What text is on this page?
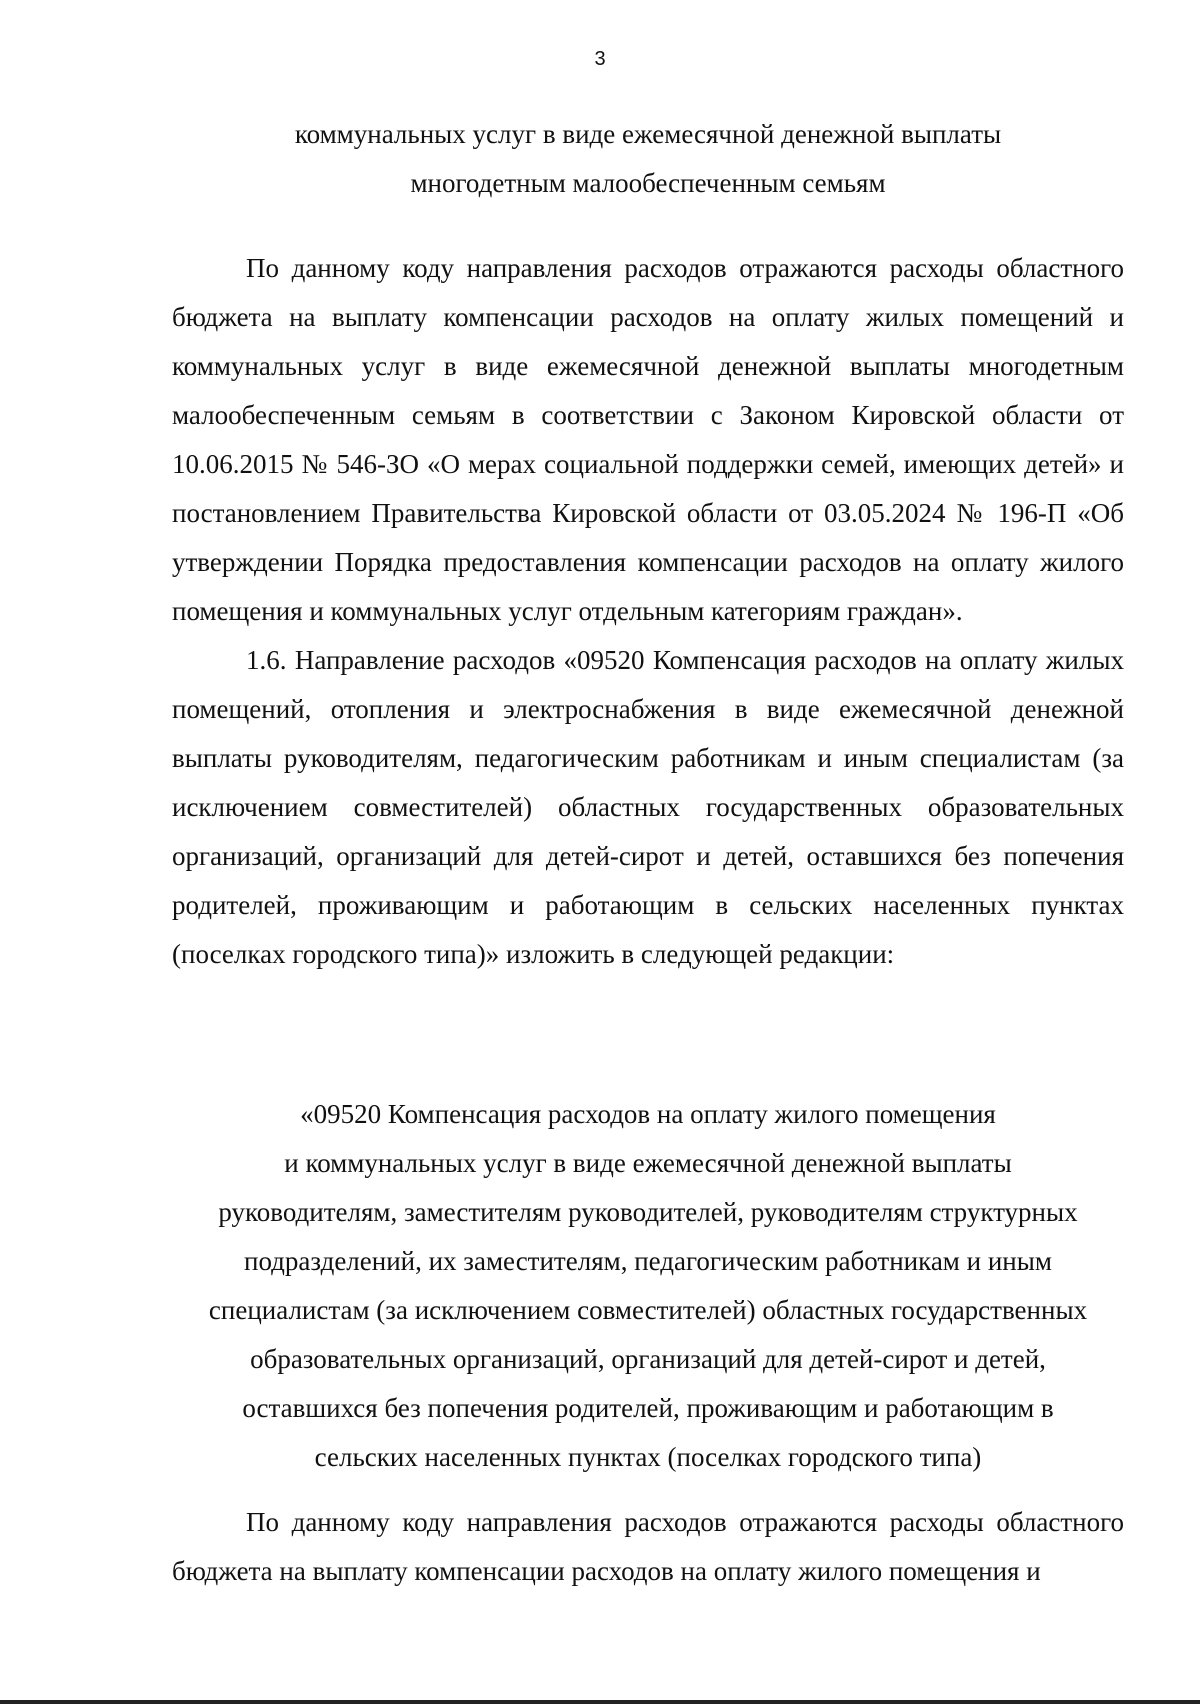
3
коммунальных услуг в виде ежемесячной денежной выплаты
многодетным малообеспеченным семьям

По данному коду направления расходов отражаются расходы областного бюджета на выплату компенсации расходов на оплату жилых помещений и коммунальных услуг в виде ежемесячной денежной выплаты многодетным малообеспеченным семьям в соответствии с Законом Кировской области от 10.06.2015 № 546-ЗО «О мерах социальной поддержки семей, имеющих детей» и постановлением Правительства Кировской области от 03.05.2024 № 196-П «Об утверждении Порядка предоставления компенсации расходов на оплату жилого помещения и коммунальных услуг отдельным категориям граждан».

1.6. Направление расходов «09520 Компенсация расходов на оплату жилых помещений, отопления и электроснабжения в виде ежемесячной денежной выплаты руководителям, педагогическим работникам и иным специалистам (за исключением совместителей) областных государственных образовательных организаций, организаций для детей-сирот и детей, оставшихся без попечения родителей, проживающим и работающим в сельских населенных пунктах (поселках городского типа)» изложить в следующей редакции:

«09520 Компенсация расходов на оплату жилого помещения
и коммунальных услуг в виде ежемесячной денежной выплаты
руководителям, заместителям руководителей, руководителям структурных
подразделений, их заместителям, педагогическим работникам и иным
специалистам (за исключением совместителей) областных государственных
образовательных организаций, организаций для детей-сирот и детей,
оставшихся без попечения родителей, проживающим и работающим в
сельских населенных пунктах (поселках городского типа)

По данному коду направления расходов отражаются расходы областного бюджета на выплату компенсации расходов на оплату жилого помещения и
